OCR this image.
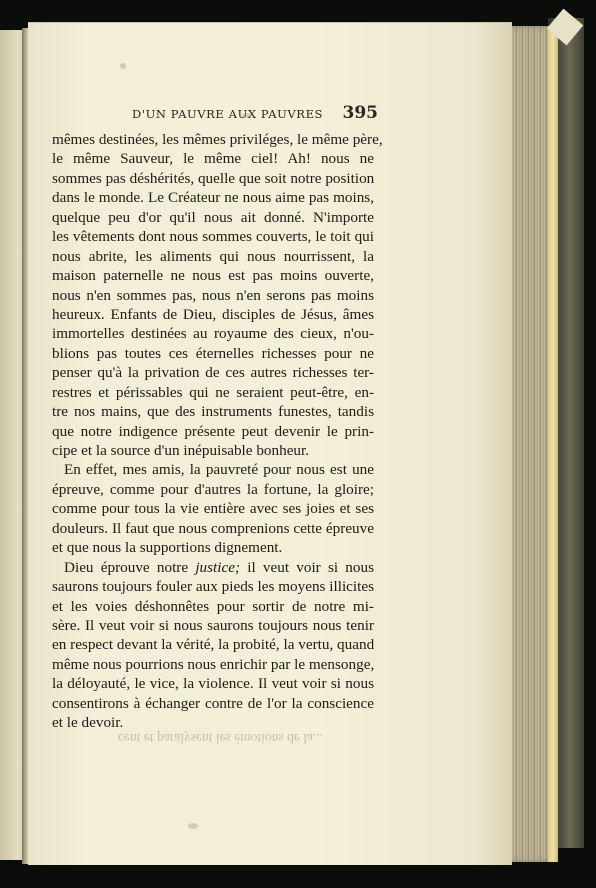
D'UN PAUVRE AUX PAUVRES 395
mêmes destinées, les mêmes priviléges, le même père,
le même Sauveur, le même ciel! Ah! nous ne
sommes pas déshérités, quelle que soit notre position
dans le monde. Le Créateur ne nous aime pas moins,
quelque peu d'or qu'il nous ait donné. N'importe
les vêtements dont nous sommes couverts, le toit qui
nous abrite, les aliments qui nous nourrissent, la
maison paternelle ne nous est pas moins ouverte,
nous n'en sommes pas, nous n'en serons pas moins
heureux. Enfants de Dieu, disciples de Jésus, âmes
immortelles destinées au royaume des cieux, n'ou-
blions pas toutes ces éternelles richesses pour ne
penser qu'à la privation de ces autres richesses ter-
restres et périssables qui ne seraient peut-être, en-
tre nos mains, que des instruments funestes, tandis
que notre indigence présente peut devenir le prin-
cipe et la source d'un inépuisable bonheur.
En effet, mes amis, la pauvreté pour nous est une
épreuve, comme pour d'autres la fortune, la gloire;
comme pour tous la vie entière avec ses joies et ses
douleurs. Il faut que nous comprenions cette épreuve
et que nous la supportions dignement.
Dieu éprouve notre justice; il veut voir si nous
saurons toujours fouler aux pieds les moyens illicites
et les voies déshonnêtes pour sortir de notre mi-
sère. Il veut voir si nous saurons toujours nous tenir
en respect devant la vérité, la probité, la vertu, quand
même nous pourrions nous enrichir par le mensonge,
la déloyauté, le vice, la violence. Il veut voir si nous
consentirons à échanger contre de l'or la conscience
et le devoir.
cent et paralysent les émotions de la...
